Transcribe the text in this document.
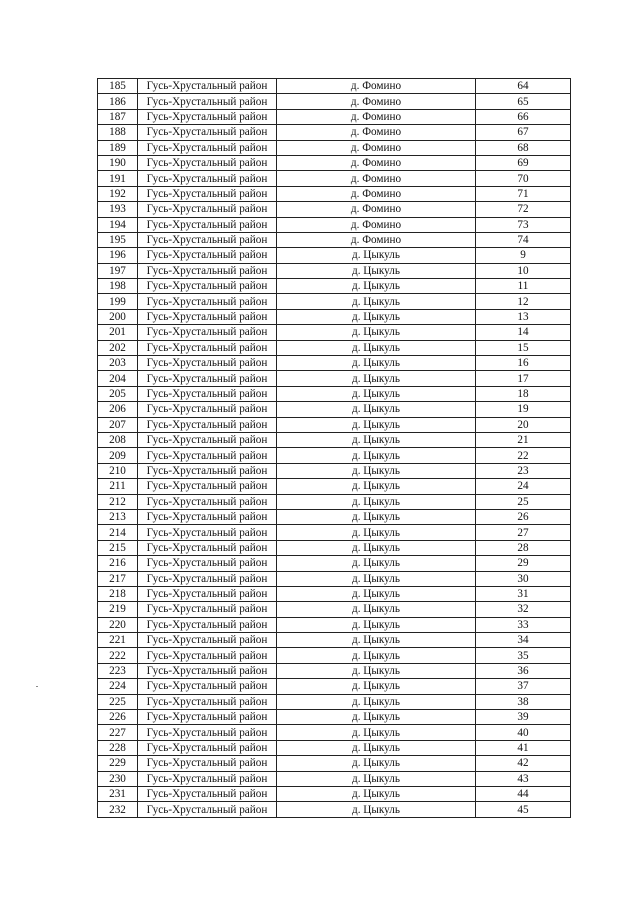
185	Гусь-Хрустальный район	д. Фомино	64
186	Гусь-Хрустальный район	д. Фомино	65
187	Гусь-Хрустальный район	д. Фомино	66
188	Гусь-Хрустальный район	д. Фомино	67
189	Гусь-Хрустальный район	д. Фомино	68
190	Гусь-Хрустальный район	д. Фомино	69
191	Гусь-Хрустальный район	д. Фомино	70
192	Гусь-Хрустальный район	д. Фомино	71
193	Гусь-Хрустальный район	д. Фомино	72
194	Гусь-Хрустальный район	д. Фомино	73
195	Гусь-Хрустальный район	д. Фомино	74
196	Гусь-Хрустальный район	д. Цыкуль	9
197	Гусь-Хрустальный район	д. Цыкуль	10
198	Гусь-Хрустальный район	д. Цыкуль	11
199	Гусь-Хрустальный район	д. Цыкуль	12
200	Гусь-Хрустальный район	д. Цыкуль	13
201	Гусь-Хрустальный район	д. Цыкуль	14
202	Гусь-Хрустальный район	д. Цыкуль	15
203	Гусь-Хрустальный район	д. Цыкуль	16
204	Гусь-Хрустальный район	д. Цыкуль	17
205	Гусь-Хрустальный район	д. Цыкуль	18
206	Гусь-Хрустальный район	д. Цыкуль	19
207	Гусь-Хрустальный район	д. Цыкуль	20
208	Гусь-Хрустальный район	д. Цыкуль	21
209	Гусь-Хрустальный район	д. Цыкуль	22
210	Гусь-Хрустальный район	д. Цыкуль	23
211	Гусь-Хрустальный район	д. Цыкуль	24
212	Гусь-Хрустальный район	д. Цыкуль	25
213	Гусь-Хрустальный район	д. Цыкуль	26
214	Гусь-Хрустальный район	д. Цыкуль	27
215	Гусь-Хрустальный район	д. Цыкуль	28
216	Гусь-Хрустальный район	д. Цыкуль	29
217	Гусь-Хрустальный район	д. Цыкуль	30
218	Гусь-Хрустальный район	д. Цыкуль	31
219	Гусь-Хрустальный район	д. Цыкуль	32
220	Гусь-Хрустальный район	д. Цыкуль	33
221	Гусь-Хрустальный район	д. Цыкуль	34
222	Гусь-Хрустальный район	д. Цыкуль	35
223	Гусь-Хрустальный район	д. Цыкуль	36
224	Гусь-Хрустальный район	д. Цыкуль	37
225	Гусь-Хрустальный район	д. Цыкуль	38
226	Гусь-Хрустальный район	д. Цыкуль	39
227	Гусь-Хрустальный район	д. Цыкуль	40
228	Гусь-Хрустальный район	д. Цыкуль	41
229	Гусь-Хрустальный район	д. Цыкуль	42
230	Гусь-Хрустальный район	д. Цыкуль	43
231	Гусь-Хрустальный район	д. Цыкуль	44
232	Гусь-Хрустальный район	д. Цыкуль	45
